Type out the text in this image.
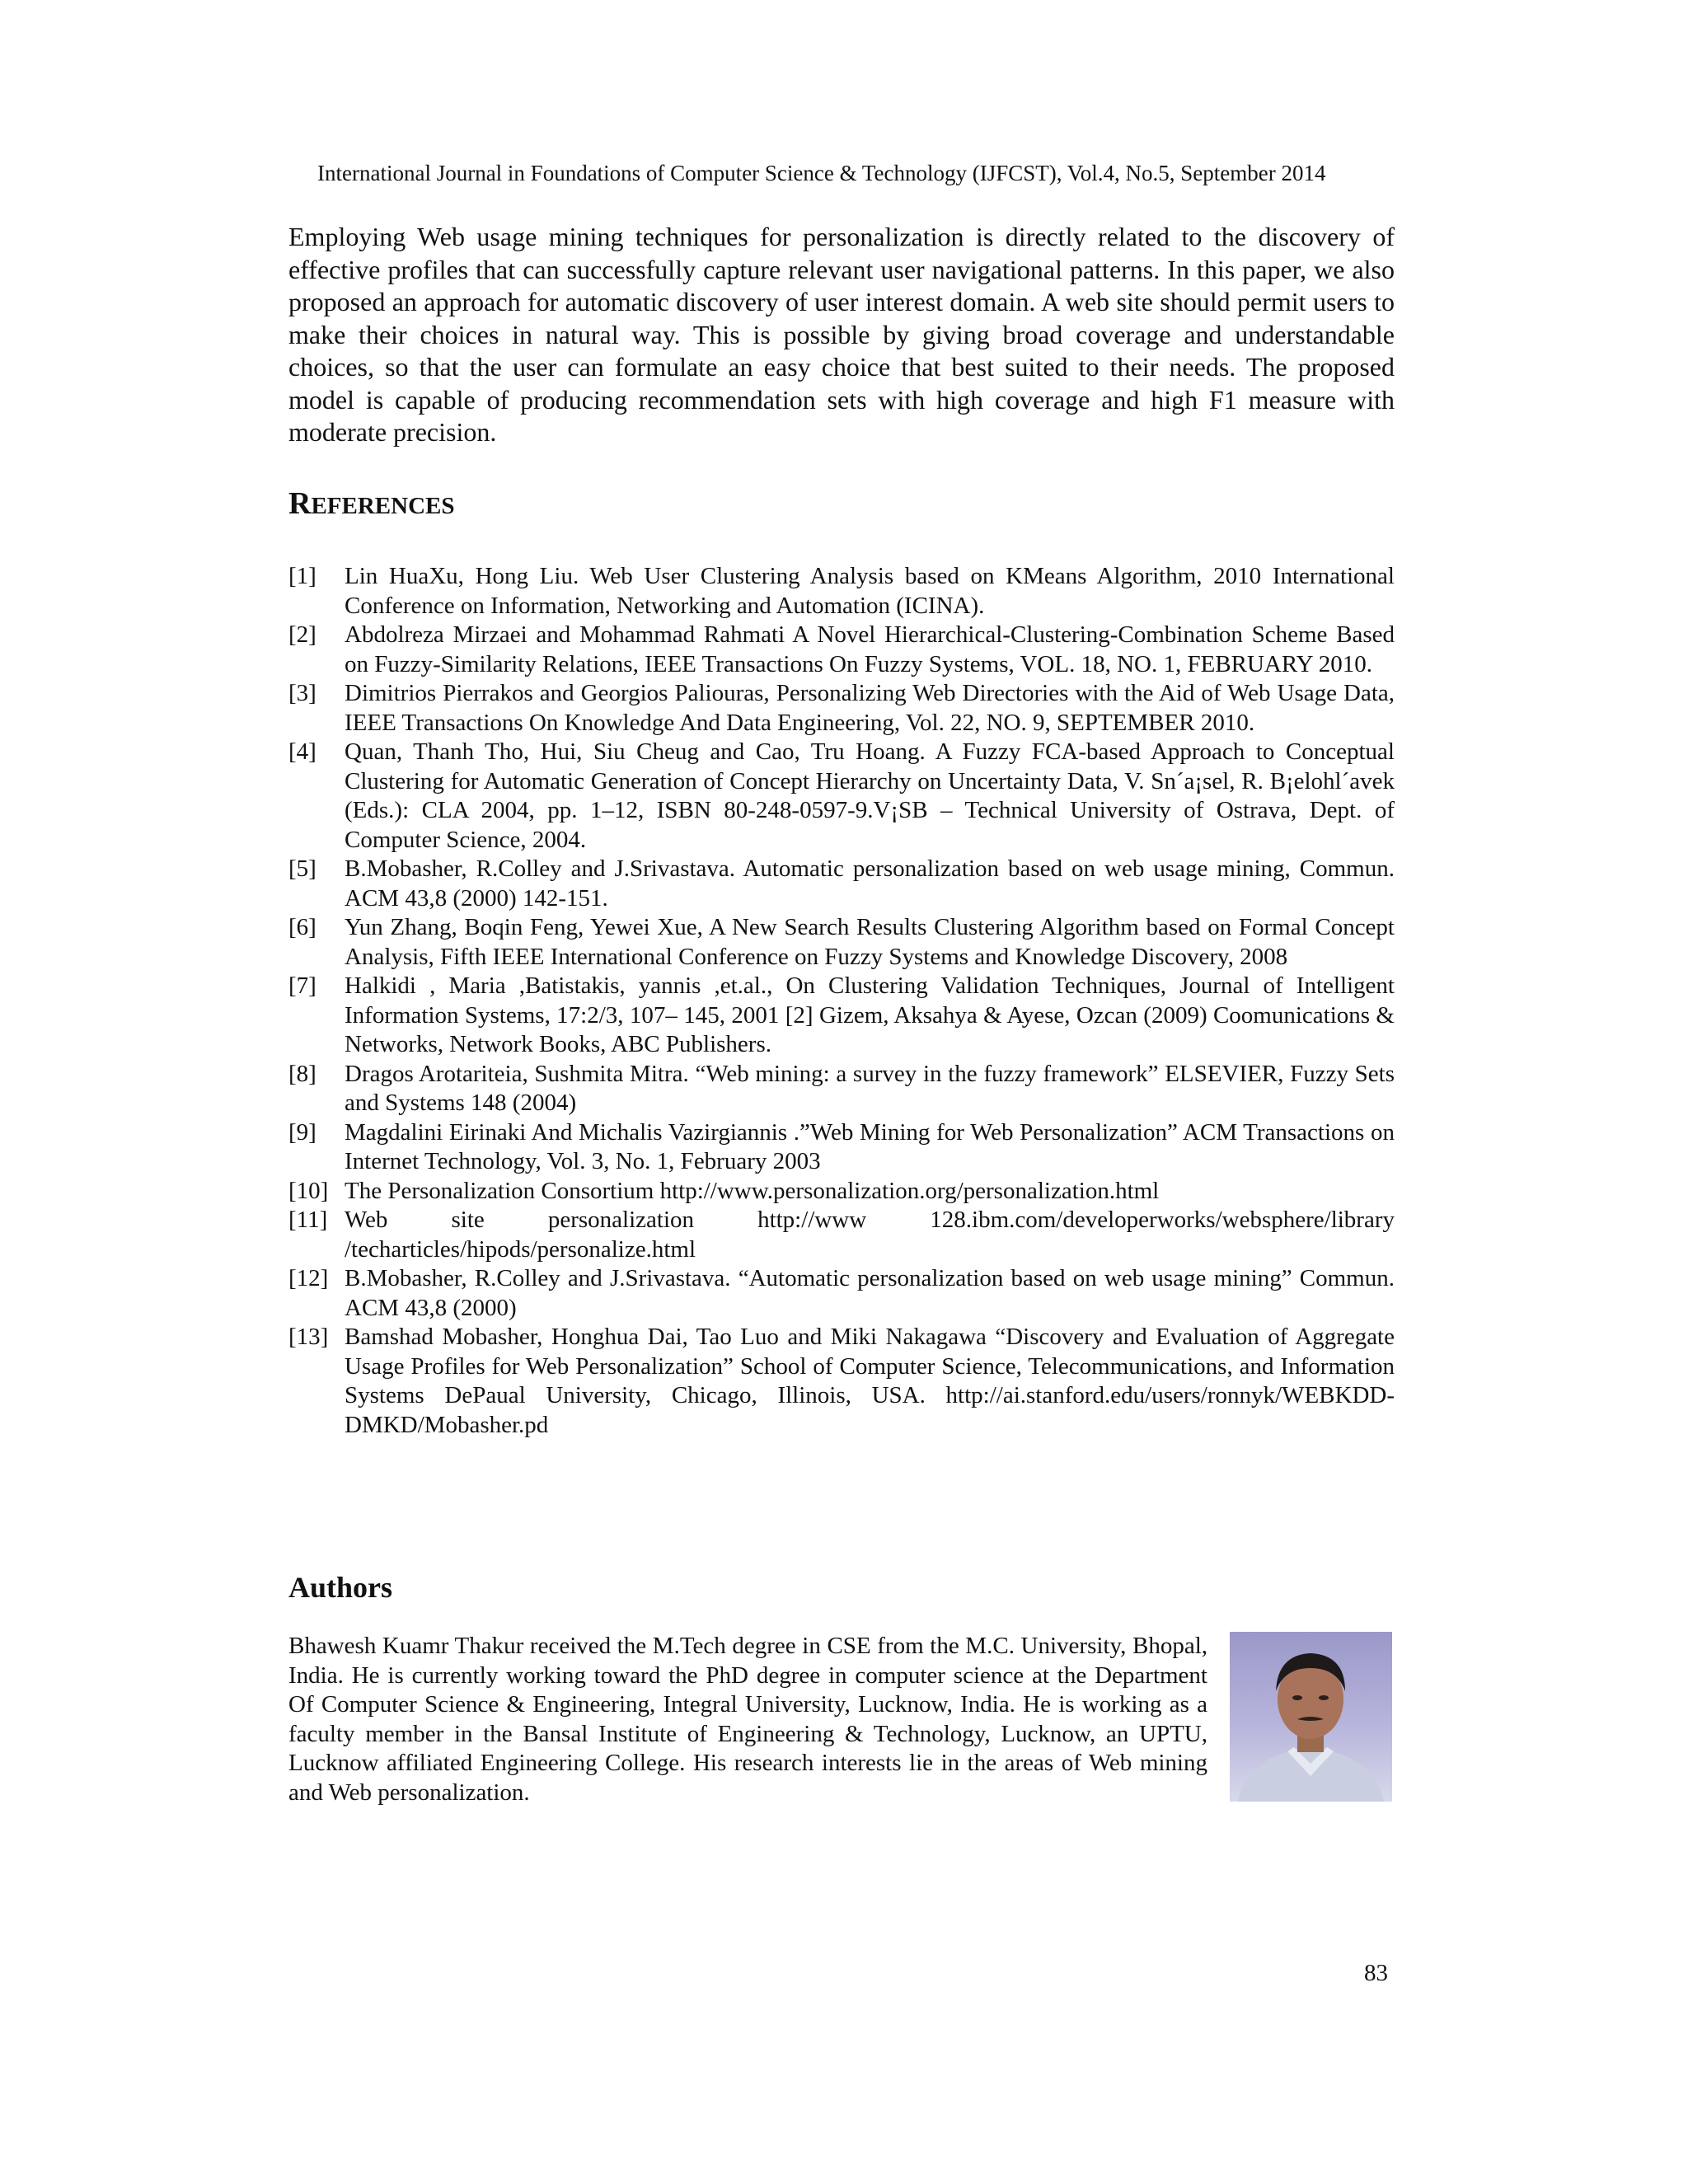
International Journal in Foundations of Computer Science & Technology (IJFCST), Vol.4, No.5, September 2014

Employing Web usage mining techniques for personalization is directly related to the discovery of effective profiles that can successfully capture relevant user navigational patterns. In this paper, we also proposed an approach for automatic discovery of user interest domain. A web site should permit users to make their choices in natural way. This is possible by giving broad coverage and understandable choices, so that the user can formulate an easy choice that best suited to their needs. The proposed model is capable of producing recommendation sets with high coverage and high F1 measure with moderate precision.

REFERENCES
[1] Lin HuaXu, Hong Liu. Web User Clustering Analysis based on KMeans Algorithm, 2010 International Conference on Information, Networking and Automation (ICINA).
[2] Abdolreza Mirzaei and Mohammad Rahmati A Novel Hierarchical-Clustering-Combination Scheme Based on Fuzzy-Similarity Relations, IEEE Transactions On Fuzzy Systems, VOL. 18, NO. 1, FEBRUARY 2010.
[3] Dimitrios Pierrakos and Georgios Paliouras, Personalizing Web Directories with the Aid of Web Usage Data, IEEE Transactions On Knowledge And Data Engineering, Vol. 22, NO. 9, SEPTEMBER 2010.
[4] Quan, Thanh Tho, Hui, Siu Cheug and Cao, Tru Hoang. A Fuzzy FCA-based Approach to Conceptual Clustering for Automatic Generation of Concept Hierarchy on Uncertainty Data, V. Sn´a¡sel, R. B¡elohl´avek (Eds.): CLA 2004, pp. 1–12, ISBN 80-248-0597-9.V¡SB – Technical University of Ostrava, Dept. of Computer Science, 2004.
[5] B.Mobasher, R.Colley and J.Srivastava. Automatic personalization based on web usage mining, Commun. ACM 43,8 (2000) 142-151.
[6] Yun Zhang, Boqin Feng, Yewei Xue, A New Search Results Clustering Algorithm based on Formal Concept Analysis, Fifth IEEE International Conference on Fuzzy Systems and Knowledge Discovery, 2008
[7] Halkidi , Maria ,Batistakis, yannis ,et.al., On Clustering Validation Techniques, Journal of Intelligent Information Systems, 17:2/3, 107– 145, 2001 [2] Gizem, Aksahya & Ayese, Ozcan (2009) Coomunications & Networks, Network Books, ABC Publishers.
[8] Dragos Arotariteia, Sushmita Mitra. “Web mining: a survey in the fuzzy framework” ELSEVIER, Fuzzy Sets and Systems 148 (2004)
[9] Magdalini Eirinaki And Michalis Vazirgiannis .”Web Mining for Web Personalization” ACM Transactions on Internet Technology, Vol. 3, No. 1, February 2003
[10] The Personalization Consortium http://www.personalization.org/personalization.html
[11] Web site personalization http://www 128.ibm.com/developerworks/websphere/library /techarticles/hipods/personalize.html
[12] B.Mobasher, R.Colley and J.Srivastava. “Automatic personalization based on web usage mining” Commun. ACM 43,8 (2000)
[13] Bamshad Mobasher, Honghua Dai, Tao Luo and Miki Nakagawa “Discovery and Evaluation of Aggregate Usage Profiles for Web Personalization” School of Computer Science, Telecommunications, and Information Systems DePaual University, Chicago, Illinois, USA. http://ai.stanford.edu/users/ronnyk/WEBKDD-DMKD/Mobasher.pd
Authors

Bhawesh Kuamr Thakur received the M.Tech degree in CSE from the M.C. University, Bhopal, India. He is currently working toward the PhD degree in computer science at the Department Of Computer Science & Engineering, Integral University, Lucknow, India. He is working as a faculty member in the Bansal Institute of Engineering & Technology, Lucknow, an UPTU, Lucknow affiliated Engineering College. His research interests lie in the areas of Web mining and Web personalization.

83
